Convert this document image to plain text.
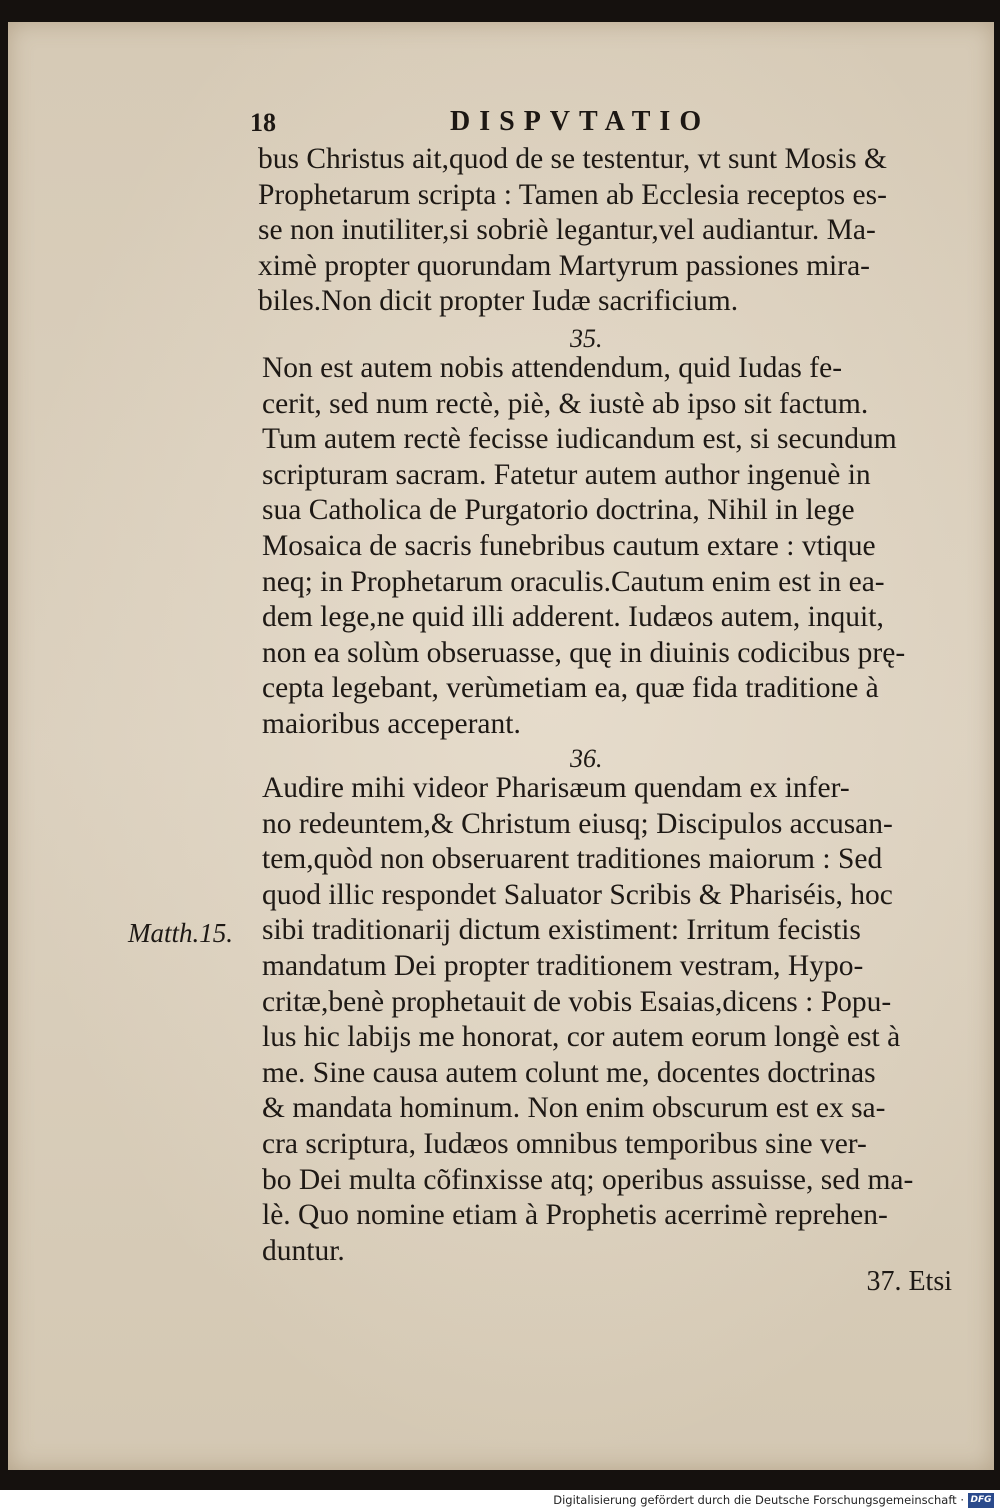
18	DISPVTATIO
bus Christus ait,quod de se testentur, vt sunt Mosis &
Prophetarum scripta : Tamen ab Ecclesia receptos es-
se non inutiliter,si sobriè legantur,vel audiantur. Ma-
ximè propter quorundam Martyrum passiones mira-
biles.Non dicit propter Iudæ sacrificium.
35.
Non est autem nobis attendendum, quid Iudas fe-
cerit, sed num rectè, piè, & iustè ab ipso sit factum.
Tum autem rectè fecisse iudicandum est, si secundum
scripturam sacram. Fatetur autem author ingenuè in
sua Catholica de Purgatorio doctrina, Nihil in lege
Mosaica de sacris funebribus cautum extare : vtique
neq; in Prophetarum oraculis.Cautum enim est in ea-
dem lege,ne quid illi adderent. Iudæos autem, inquit,
non ea solùm obseruasse, quę in diuinis codicibus prę-
cepta legebant, verùmetiam ea, quæ fida traditione à
maioribus acceperant.
36.
Audire mihi videor Pharisæum quendam ex infer-
no redeuntem,& Christum eiusq; Discipulos accusan-
tem,quòd non obseruarent traditiones maiorum : Sed
quod illic respondet Saluator Scribis & Phariséis, hoc
sibi traditionarij dictum existiment: Irritum fecistis
mandatum Dei propter traditionem vestram, Hypo-
critæ,benè prophetauit de vobis Esaias,dicens : Popu-
lus hic labijs me honorat, cor autem eorum longè est à
me. Sine causa autem colunt me, docentes doctrinas
& mandata hominum. Non enim obscurum est ex sa-
cra scriptura, Iudæos omnibus temporibus sine ver-
bo Dei multa cõfinxisse atq; operibus assuisse, sed ma-
lè. Quo nomine etiam à Prophetis acerrimè reprehen-
duntur.
Matth.15.
37. Etsi
Digitalisierung gefördert durch die Deutsche Forschungsgemeinschaft · DFG
